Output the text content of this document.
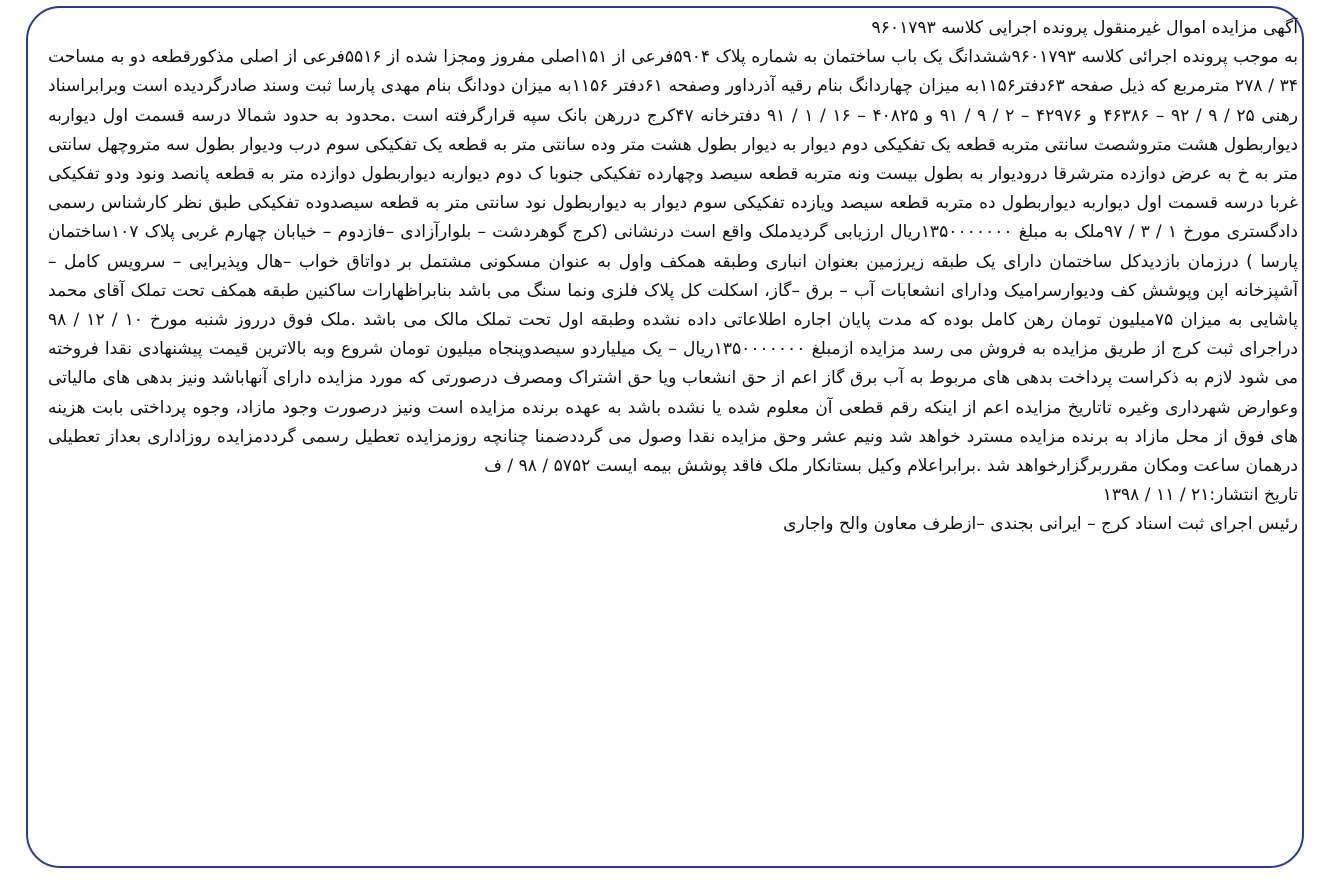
آگهی مزایده اموال غیرمنقول پرونده اجرایی کلاسه ۹۶۰۱۷۹۳

به موجب پرونده اجرائی کلاسه ۹۶۰۱۷۹۳ششدانگ یک باب ساختمان به شماره پلاک ۵۹۰۴فرعی از ۱۵۱اصلی مفروز ومجزا شده از ۵۵۱۶فرعی از اصلی مذکورقطعه دو به مساحت ۳۴ / ۲۷۸ مترمربع که ذیل صفحه ۶۳دفتر۱۱۵۶به میزان چهاردانگ بنام رقیه آذرداور وصفحه ۶۱دفتر ۱۱۵۶به میزان دودانگ بنام مهدی پارسا ثبت وسند صادرگردیده است وبرابراسناد رهنی ۲۵ / ۹ / ۹۲ – ۴۶۳۸۶ و ۴۲۹۷۶ – ۲ / ۹ / ۹۱ و ۴۰۸۲۵ – ۱۶ / ۱ / ۹۱ دفترخانه ۴۷کرج دررهن بانک سپه قرارگرفته است .محدود به حدود شمالا درسه قسمت اول دیواربه دیواربطول هشت متروشصت سانتی متربه قطعه یک تفکیکی دوم دیوار به دیوار بطول هشت متر وده سانتی متر به قطعه یک تفکیکی سوم درب ودیوار بطول سه متروچهل سانتی متر به خ به عرض دوازده مترشرقا درودیوار به بطول بیست ونه متربه قطعه سیصد وچهارده تفکیکی جنوبا ک دوم دیواربه دیواربطول دوازده متر به قطعه پانصد ونود ودو تفکیکی غربا درسه قسمت اول دیواربه دیواربطول ده متربه قطعه سیصد ویازده تفکیکی سوم دیوار به دیواربطول نود سانتی متر به قطعه سیصدوده تفکیکی طبق نظر کارشناس رسمی دادگستری مورخ ۱ / ۳ / ۹۷ملک به مبلغ ۱۳۵۰۰۰۰۰۰۰ریال ارزیابی گردیدملک واقع است درنشانی (کرج گوهردشت – بلوارآزادی –فازدوم – خیابان چهارم غربی پلاک ۱۰۷ساختمان پارسا ) درزمان بازدیدکل ساختمان دارای یک طبقه زیرزمین بعنوان انباری وطبقه همکف واول به عنوان مسکونی مشتمل بر دواتاق خواب –هال وپذیرایی – سرویس کامل – آشپزخانه اپن وپوشش کف ودیوارسرامیک ودارای انشعابات آب – برق –گاز، اسکلت کل پلاک فلزی ونما سنگ می باشد بنابراظهارات ساکنین طبقه همکف تحت تملک آقای محمد پاشایی به میزان ۷۵میلیون تومان رهن کامل بوده که مدت پایان اجاره اطلاعاتی داده نشده وطبقه اول تحت تملک مالک می باشد .ملک فوق درروز شنبه مورخ ۱۰ / ۱۲ / ۹۸ دراجرای ثبت کرج از طریق مزایده به فروش می رسد مزایده ازمبلغ ۱۳۵۰۰۰۰۰۰۰ریال – یک میلیاردو سیصدوپنجاه میلیون تومان شروع وبه بالاترین قیمت پیشنهادی نقدا فروخته می شود لازم به ذکراست پرداخت بدهی های مربوط به آب برق گاز اعم از حق انشعاب ویا حق اشتراک ومصرف درصورتی که مورد مزایده دارای آنهاباشد ونیز بدهی های مالیاتی وعوارض شهرداری وغیره تاتاریخ مزایده اعم از اینکه رقم قطعی آن معلوم شده یا نشده باشد به عهده برنده مزایده است ونیز درصورت وجود مازاد، وجوه پرداختی بابت هزینه های فوق از محل مازاد به برنده مزایده مسترد خواهد شد ونیم عشر وحق مزایده نقدا وصول می گرددضمنا چنانچه روزمزایده تعطیل رسمی گرددمزایده روزاداری بعداز تعطیلی درهمان ساعت ومکان مقرربرگزارخواهد شد .برابراعلام وکیل بستانکار ملک فاقد پوشش بیمه ایست ۵۷۵۲ / ۹۸ / ف

تاریخ انتشار:۲۱ / ۱۱ / ۱۳۹۸

رئیس اجرای ثبت اسناد کرج – ایرانی بجندی –ازطرف معاون والح واجاری
